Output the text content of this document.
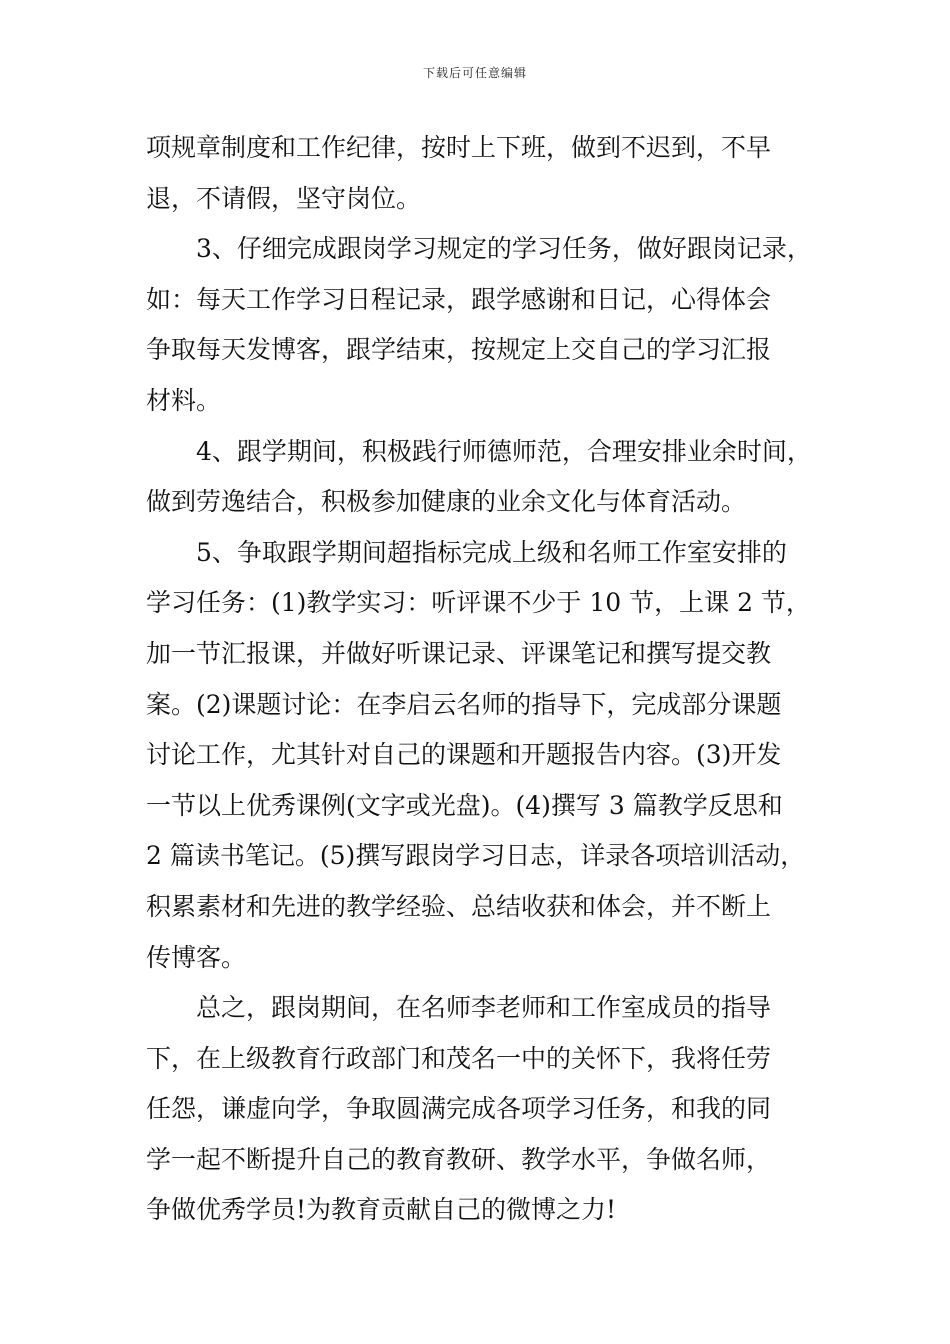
下载后可任意编辑
项规章制度和工作纪律，按时上下班，做到不迟到，不早
退，不请假，坚守岗位。
3、仔细完成跟岗学习规定的学习任务，做好跟岗记录，
如：每天工作学习日程记录，跟学感谢和日记，心得体会
争取每天发博客，跟学结束，按规定上交自己的学习汇报
材料。
4、跟学期间，积极践行师德师范，合理安排业余时间，
做到劳逸结合，积极参加健康的业余文化与体育活动。
5、争取跟学期间超指标完成上级和名师工作室安排的
学习任务：(1)教学实习：听评课不少于 10 节，上课 2 节，
加一节汇报课，并做好听课记录、评课笔记和撰写提交教
案。(2)课题讨论：在李启云名师的指导下，完成部分课题
讨论工作，尤其针对自己的课题和开题报告内容。(3)开发
一节以上优秀课例(文字或光盘)。(4)撰写 3 篇教学反思和
2 篇读书笔记。(5)撰写跟岗学习日志，详录各项培训活动，
积累素材和先进的教学经验、总结收获和体会，并不断上
传博客。
总之，跟岗期间，在名师李老师和工作室成员的指导
下，在上级教育行政部门和茂名一中的关怀下，我将任劳
任怨，谦虚向学，争取圆满完成各项学习任务，和我的同
学一起不断提升自己的教育教研、教学水平，争做名师，
争做优秀学员!为教育贡献自己的微博之力!
